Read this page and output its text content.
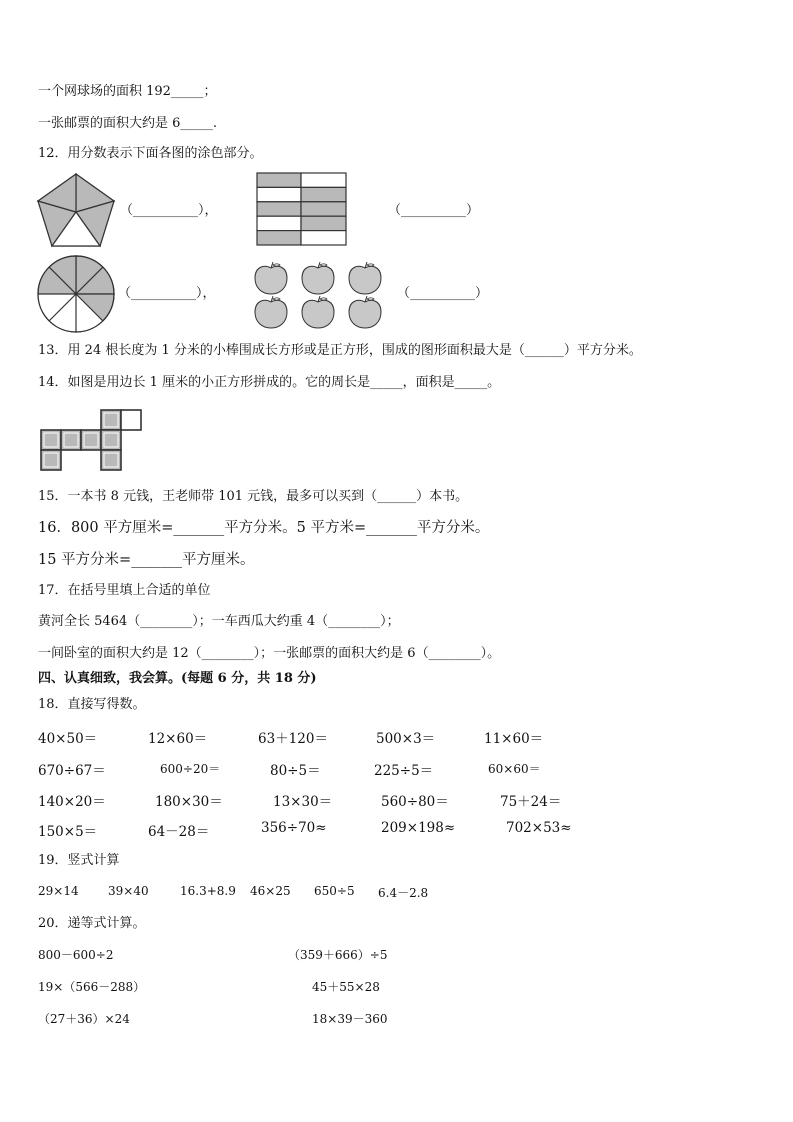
一个网球场的面积 192_____；
一张邮票的面积大约是 6_____.
12．用分数表示下面各图的涂色部分。
（__________），	（__________）
（__________），	（__________）
13．用 24 根长度为 1 分米的小棒围成长方形或是正方形，围成的图形面积最大是（______）平方分米。
14．如图是用边长 1 厘米的小正方形拼成的。它的周长是_____，面积是_____。
15．一本书 8 元钱，王老师带 101 元钱，最多可以买到（______）本书。
16．800 平方厘米=_______平方分米。5 平方米=_______平方分米。
15 平方分米=_______平方厘米。
17．在括号里填上合适的单位
黄河全长 5464（________）；一车西瓜大约重 4（________）；
一间卧室的面积大约是 12（________）；一张邮票的面积大约是 6（________）。
四、认真细致，我会算。(每题 6 分，共 18 分)
18．直接写得数。
40×50＝	12×60＝	63＋120＝	500×3＝	11×60＝
670÷67＝	600÷20＝	80÷5＝	225÷5＝	60×60＝
140×20＝	180×30＝	13×30＝	560÷80＝	75＋24＝
150×5＝	64－28＝	356÷70≈	209×198≈	702×53≈
19．竖式计算
29×14 39×40	16.3+8.9 46×25 650÷5 6.4－2.8
20．递等式计算。
800－600÷2	（359＋666）÷5
19×（566－288）	45＋55×28
（27＋36）×24	18×39－360
